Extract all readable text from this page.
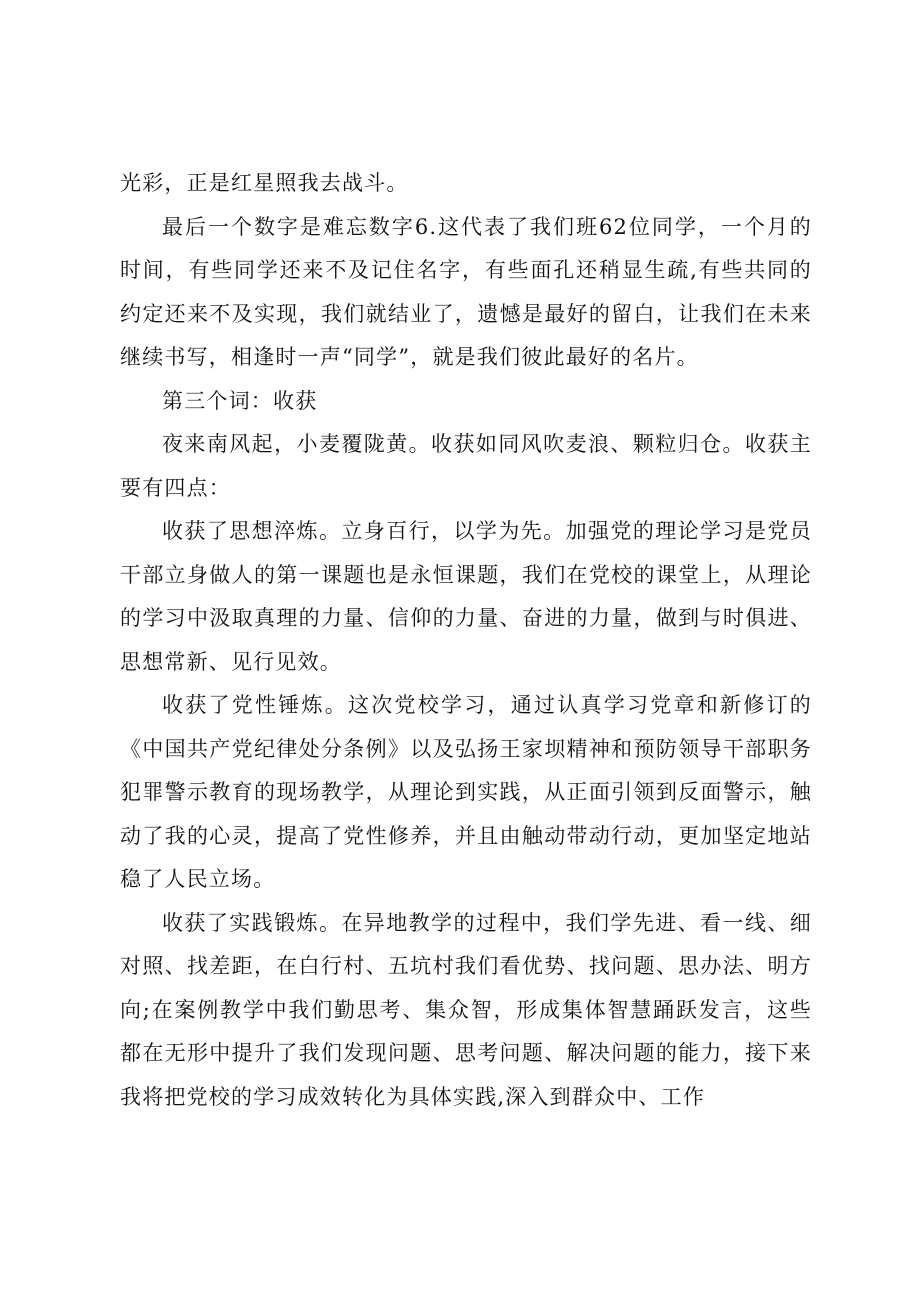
光彩，正是红星照我去战斗。

最后一个数字是难忘数字6.这代表了我们班62位同学，一个月的时间，有些同学还来不及记住名字，有些面孔还稍显生疏,有些共同的约定还来不及实现，我们就结业了，遗憾是最好的留白，让我们在未来继续书写，相逢时一声“同学”，就是我们彼此最好的名片。

第三个词：收获

夜来南风起，小麦覆陇黄。收获如同风吹麦浪、颗粒归仓。收获主要有四点：

收获了思想淬炼。立身百行，以学为先。加强党的理论学习是党员干部立身做人的第一课题也是永恒课题，我们在党校的课堂上，从理论的学习中汲取真理的力量、信仰的力量、奋进的力量，做到与时俱进、思想常新、见行见效。

收获了党性锤炼。这次党校学习，通过认真学习党章和新修订的《中国共产党纪律处分条例》以及弘扬王家坝精神和预防领导干部职务犯罪警示教育的现场教学，从理论到实践，从正面引领到反面警示，触动了我的心灵，提高了党性修养，并且由触动带动行动，更加坚定地站稳了人民立场。

收获了实践锻炼。在异地教学的过程中，我们学先进、看一线、细对照、找差距，在白行村、五坑村我们看优势、找问题、思办法、明方向;在案例教学中我们勤思考、集众智，形成集体智慧踊跃发言，这些都在无形中提升了我们发现问题、思考问题、解决问题的能力，接下来我将把党校的学习成效转化为具体实践,深入到群众中、工作
